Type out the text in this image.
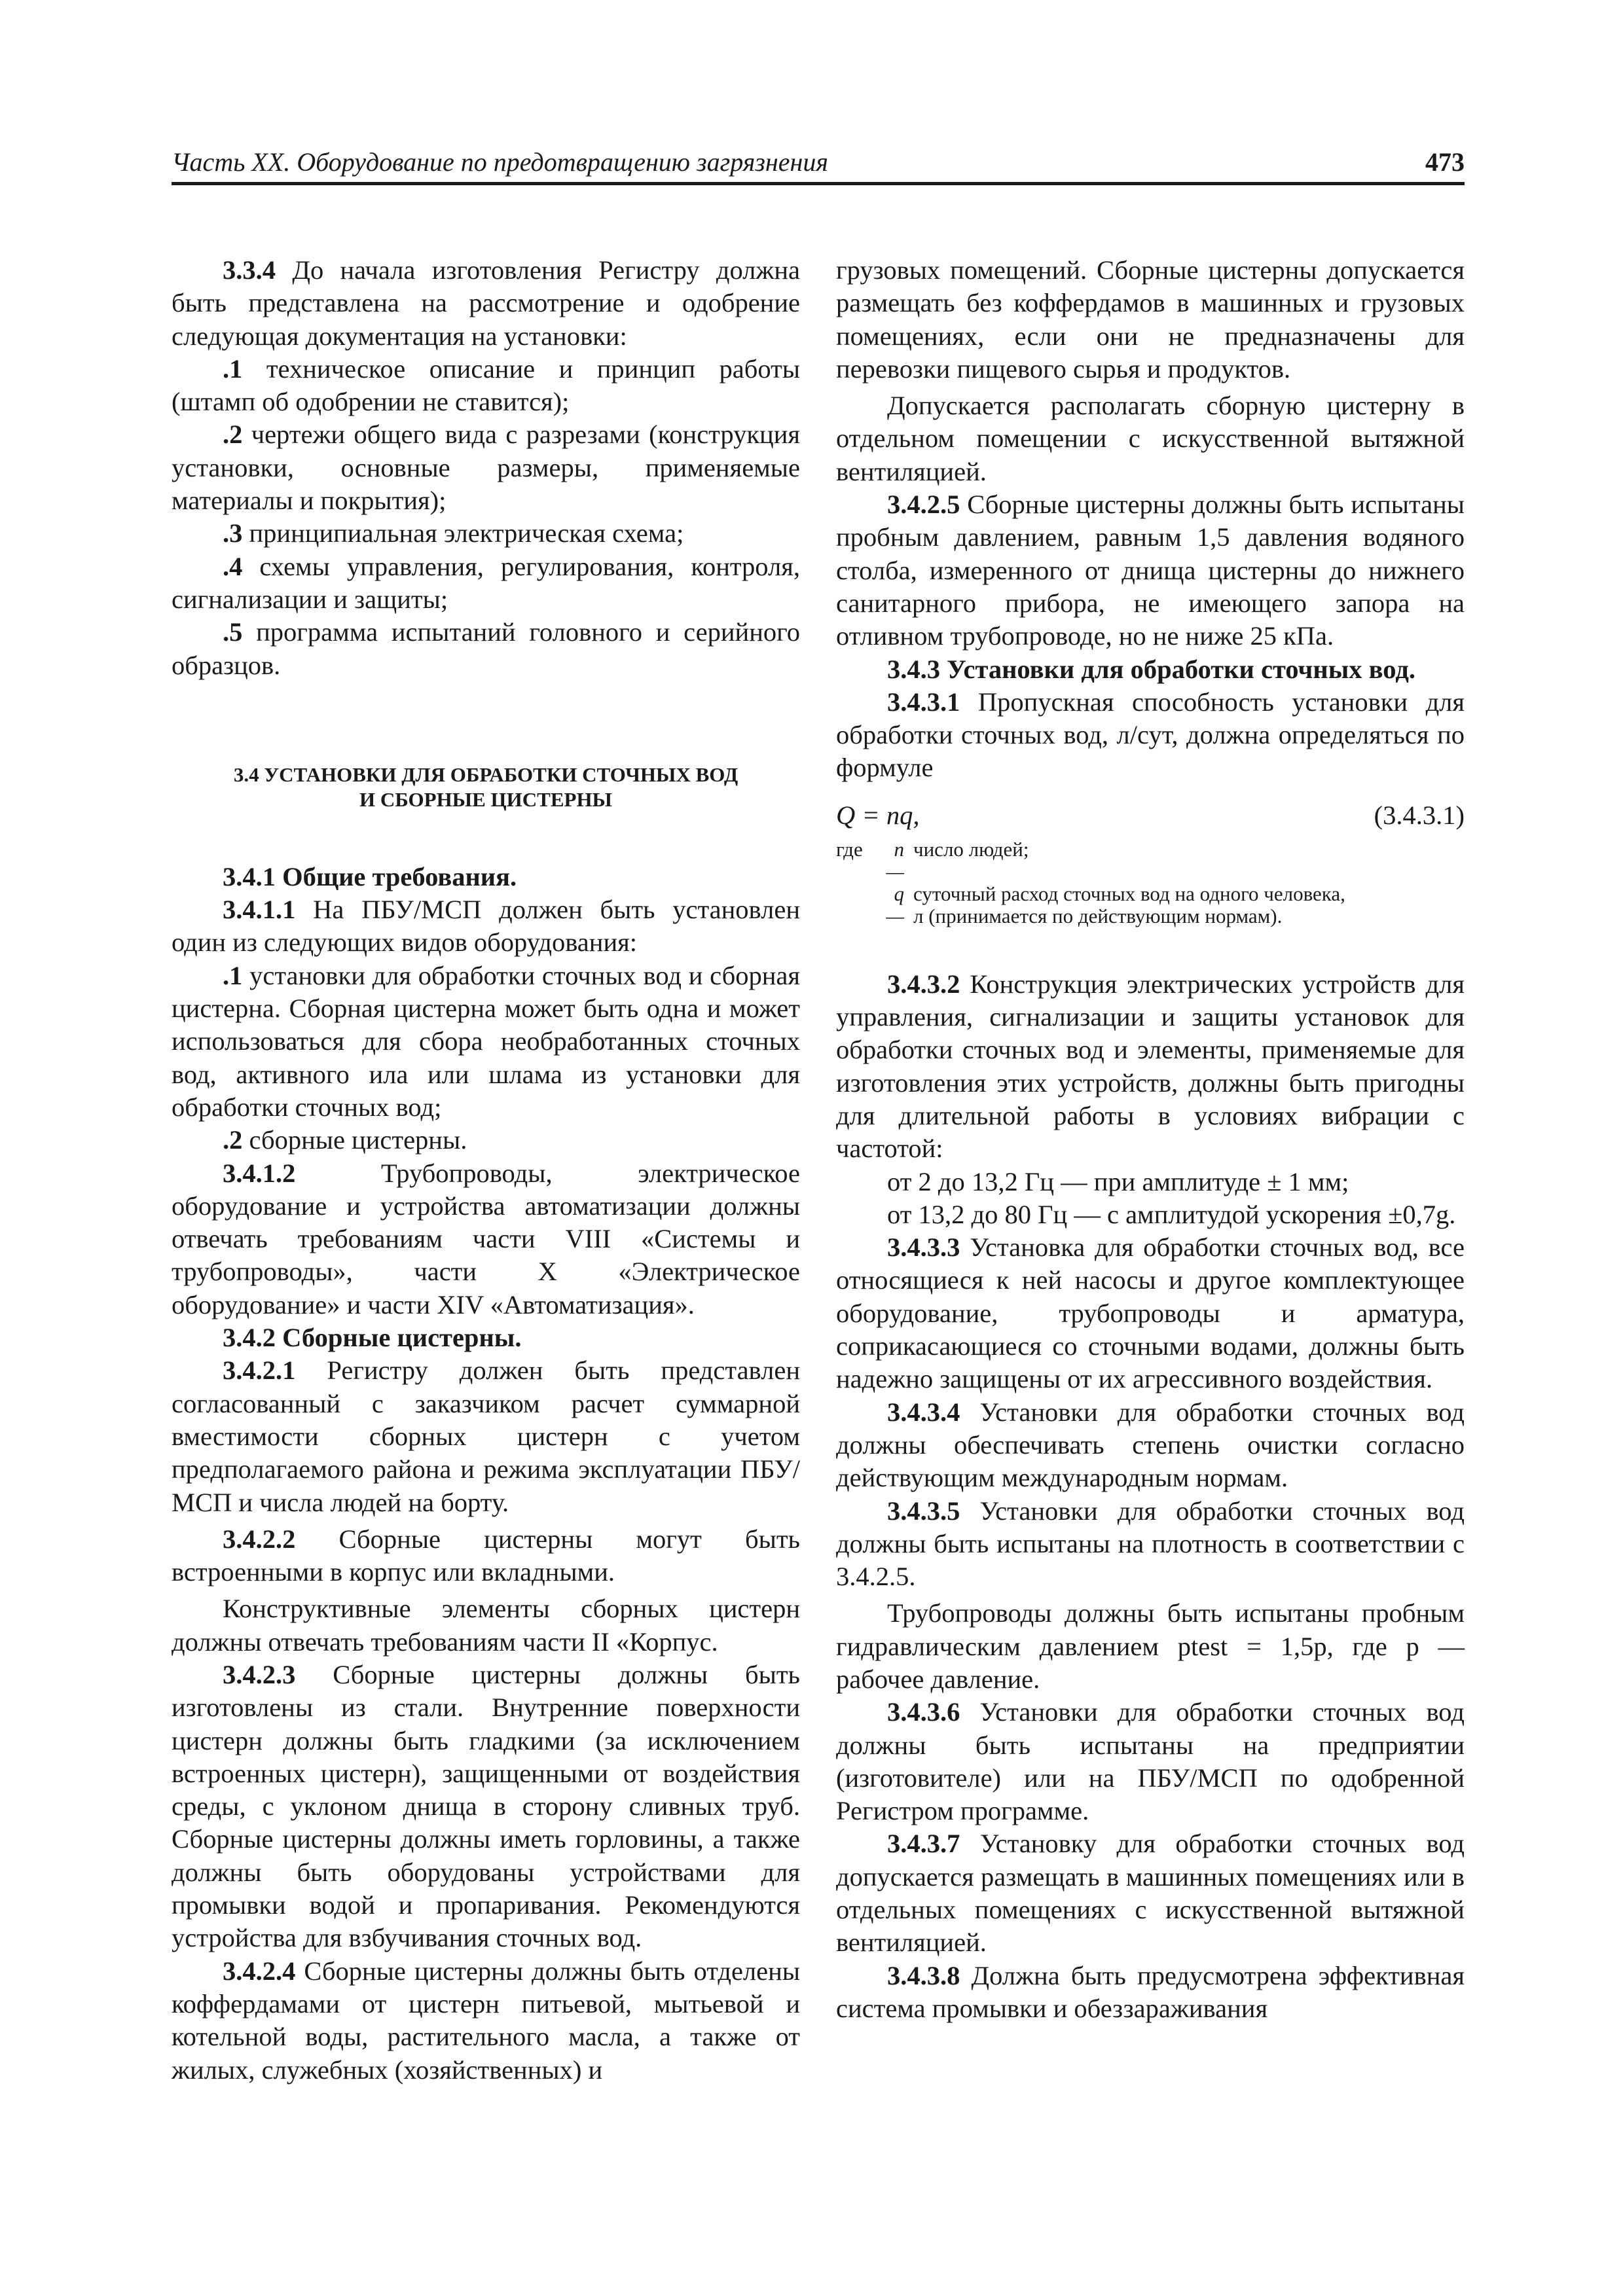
Часть XX. Оборудование по предотвращению загрязнения	473

3.3.4 До начала изготовления Регистру должна быть представлена на рассмотрение и одобрение следующая документация на установки:

.1 техническое описание и принцип работы (штамп об одобрении не ставится);

.2 чертежи общего вида с разрезами (конструкция установки, основные размеры, применяемые материалы и покрытия);

.3 принципиальная электрическая схема;

.4 схемы управления, регулирования, контроля, сигнализации и защиты;

.5 программа испытаний головного и серийного образцов.

3.4 УСТАНОВКИ ДЛЯ ОБРАБОТКИ СТОЧНЫХ ВОД
И СБОРНЫЕ ЦИСТЕРНЫ

3.4.1 Общие требования.

3.4.1.1 На ПБУ/МСП должен быть установлен один из следующих видов оборудования:

.1 установки для обработки сточных вод и сборная цистерна. Сборная цистерна может быть одна и может использоваться для сбора необработанных сточных вод, активного ила или шлама из установки для обработки сточных вод;

.2 сборные цистерны.

3.4.1.2	Трубопроводы, электрическое оборудование и устройства автоматизации должны отвечать требованиям части VIII «Системы и трубопроводы», части X «Электрическое оборудование» и части XIV «Автоматизация».

3.4.2 Сборные цистерны.

3.4.2.1 Регистру должен быть представлен согласованный с заказчиком расчет суммарной вместимости сборных цистерн с учетом предполагаемого района и режима эксплуатации ПБУ/МСП и числа людей на борту.

3.4.2.2 Сборные цистерны могут быть встроенными в корпус или вкладными.

Конструктивные элементы сборных цистерн должны отвечать требованиям части II «Корпус.

3.4.2.3 Сборные цистерны должны быть изготовлены из стали. Внутренние поверхности цистерн должны быть гладкими (за исключением встроенных цистерн), защищенными от воздействия среды, с уклоном днища в сторону сливных труб. Сборные цистерны должны иметь горловины, а также должны быть оборудованы устройствами для промывки водой и пропаривания. Рекомендуются устройства для взбучивания сточных вод.

3.4.2.4 Сборные цистерны должны быть отделены коффердамами от цистерн питьевой, мытьевой и котельной воды, растительного масла, а также от жилых, служебных (хозяйственных) и

грузовых помещений. Сборные цистерны допускается размещать без коффердамов в машинных и грузовых помещениях, если они не предназначены для перевозки пищевого сырья и продуктов.

Допускается располагать сборную цистерну в отдельном помещении с искусственной вытяжной вентиляцией.

3.4.2.5 Сборные цистерны должны быть испытаны пробным давлением, равным 1,5 давления водяного столба, измеренного от днища цистерны до нижнего санитарного прибора, не имеющего запора на отливном трубопроводе, но не ниже 25 кПа.

3.4.3 Установки для обработки сточных вод.

3.4.3.1 Пропускная способность установки для обработки сточных вод, л/сут, должна определяться по формуле

Q = nq,	(3.4.3.1)
где	n —
число людей;
q —
суточный расход сточных вод на одного человека,
л (принимается по действующим нормам).

3.4.3.2 Конструкция электрических устройств для управления, сигнализации и защиты установок для обработки сточных вод и элементы, применяемые для изготовления этих устройств, должны быть пригодны для длительной работы в условиях вибрации с частотой:

от 2 до 13,2 Гц — при амплитуде ± 1 мм;

от 13,2 до 80 Гц — с амплитудой ускорения ±0,7g.

3.4.3.3 Установка для обработки сточных вод, все относящиеся к ней насосы и другое комплектующее оборудование, трубопроводы и арматура, соприкасающиеся со сточными водами, должны быть надежно защищены от их агрессивного воздействия.

3.4.3.4 Установки для обработки сточных вод должны обеспечивать степень очистки согласно действующим международным нормам.

3.4.3.5 Установки для обработки сточных вод должны быть испытаны на плотность в соответствии с 3.4.2.5.

Трубопроводы должны быть испытаны пробным гидравлическим давлением ptest = 1,5p, где p — рабочее давление.

3.4.3.6 Установки для обработки сточных вод должны быть испытаны на предприятии (изготовителе) или на ПБУ/МСП по одобренной Регистром программе.

3.4.3.7 Установку для обработки сточных вод допускается размещать в машинных помещениях или в отдельных помещениях с искусственной вытяжной вентиляцией.

3.4.3.8 Должна быть предусмотрена эффективная система промывки и обеззараживания
